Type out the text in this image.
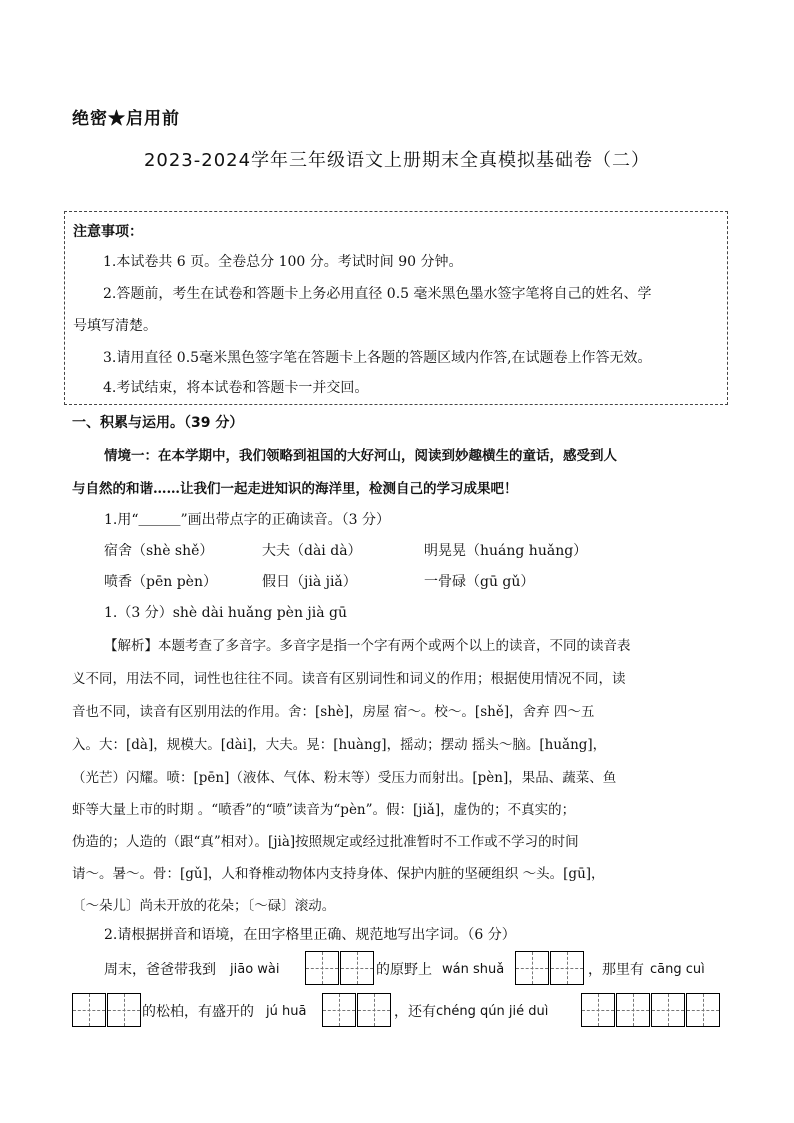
绝密★启用前
2023-2024学年三年级语文上册期末全真模拟基础卷（二）
注意事项：
1.本试卷共 6 页。全卷总分 100 分。考试时间 90 分钟。
2.答题前，考生在试卷和答题卡上务必用直径 0.5 毫米黑色墨水签字笔将自己的姓名、学
号填写清楚。
3.请用直径 0.5毫米黑色签字笔在答题卡上各题的答题区域内作答,在试题卷上作答无效。
4.考试结束，将本试卷和答题卡一并交回。
一、积累与运用。（39 分）
情境一：在本学期中，我们领略到祖国的大好河山，阅读到妙趣横生的童话，感受到人
与自然的和谐……让我们一起走进知识的海洋里，检测自己的学习成果吧！
1.用“＿＿＿”画出带点字的正确读音。（3 分）
宿舍（shè shě）	大夫（dài dà）	明晃晃（huáng huǎng）
喷香（pēn pèn）	假日（jià jiǎ）	一骨碌（gū gǔ）
1.（3 分）shè dài huǎng pèn jià gū
【解析】本题考查了多音字。多音字是指一个字有两个或两个以上的读音，不同的读音表
义不同，用法不同，词性也往往不同。读音有区别词性和词义的作用；根据使用情况不同，读
音也不同，读音有区别用法的作用。舍：[shè]，房屋 宿～。校～。[shě]，舍弃 四～五
入。大：[dà]，规模大。[dài]，大夫。晃：[huàng]，摇动；摆动 摇头～脑。[huǎng]，
（光芒）闪耀。喷：[pēn]（液体、气体、粉末等）受压力而射出。[pèn]，果品、蔬菜、鱼
虾等大量上市的时期 。“喷香”的“喷”读音为“pèn”。假：[jiǎ]，虚伪的；不真实的；
伪造的；人造的（跟“真”相对）。[jià]按照规定或经过批准暂时不工作或不学习的时间
请～。暑～。骨：[gǔ]，人和脊椎动物体内支持身体、保护内脏的坚硬组织 ～头。[gū]，
〔～朵儿〕尚未开放的花朵；〔～碌〕滚动。
2.请根据拼音和语境，在田字格里正确、规范地写出字词。（6 分）
周末，爸爸带我到 jiāo wài	的原野上 wán shuǎ	，那里有 cāng cuì
的松柏，有盛开的 jú huā	，还有 chéng qún jié duì
